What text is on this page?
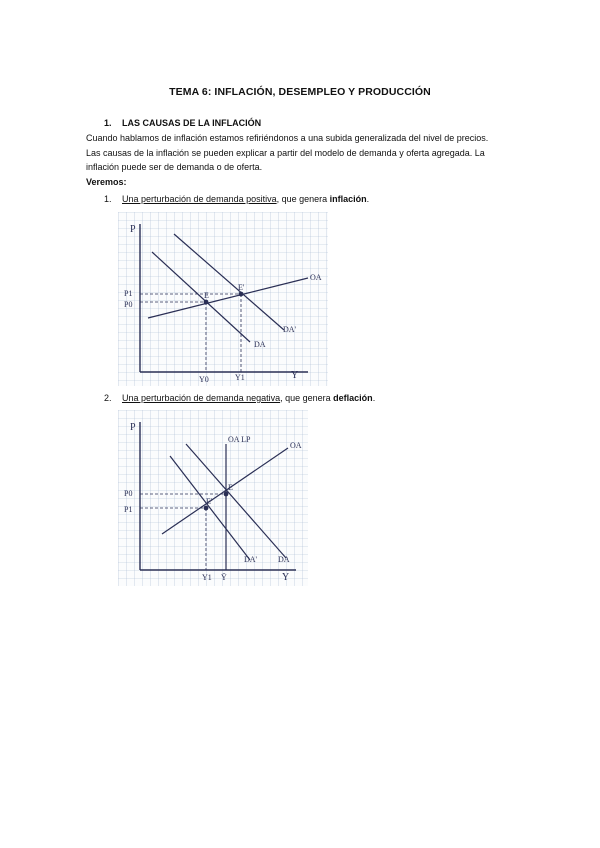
TEMA 6: INFLACIÓN, DESEMPLEO Y PRODUCCIÓN
1. LAS CAUSAS DE LA INFLACIÓN
Cuando hablamos de inflación estamos refiriéndonos a una subida generalizada del nivel de precios.
Las causas de la inflación se pueden explicar a partir del modelo de demanda y oferta agregada. La
inflación puede ser de demanda o de oferta.
Veremos:
1. Una perturbación de demanda positiva, que genera inflación.
P
Y
P1
P0
Y0	Y1
E
E'
OA
DA
DA'
2. Una perturbación de demanda negativa, que genera deflación.
P
Y
P0
P1
Y1 Ȳ
E
E'
OA LP
OA
DA
DA'
